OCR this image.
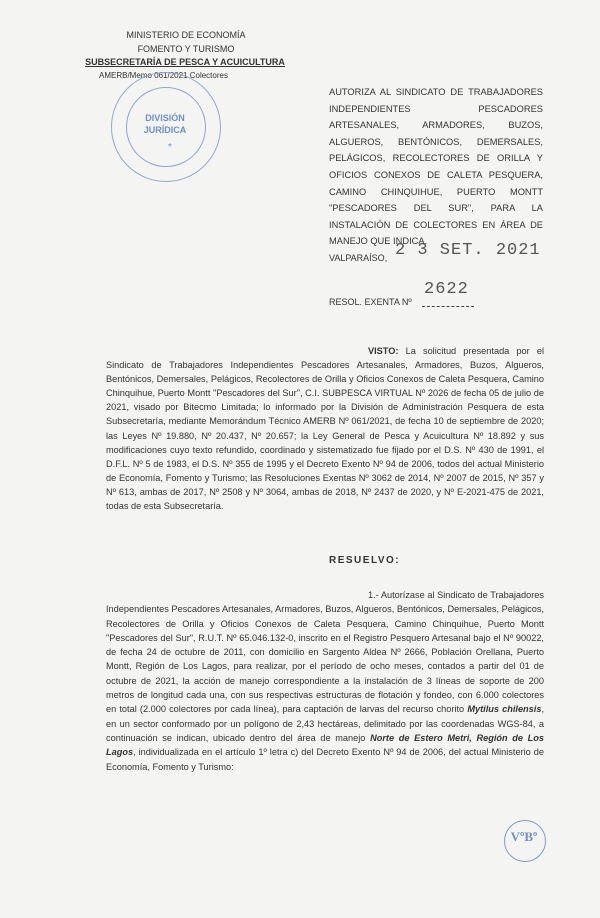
MINISTERIO DE ECONOMÍA
FOMENTO Y TURISMO
SUBSECRETARÍA DE PESCA Y ACUICULTURA
AMERB/Memo 061/2021 Colectores
DIVISIÓN
JURÍDICA
*
AUTORIZA AL SINDICATO DE TRABAJADORES INDEPENDIENTES PESCADORES ARTESANALES, ARMADORES, BUZOS, ALGUEROS, BENTÓNICOS, DEMERSALES, PELÁGICOS, RECOLECTORES DE ORILLA Y OFICIOS CONEXOS DE CALETA PESQUERA, CAMINO CHINQUIHUE, PUERTO MONTT "PESCADORES DEL SUR", PARA LA INSTALACIÓN DE COLECTORES EN ÁREA DE MANEJO QUE INDICA.
VALPARAÍSO, 2 3 SET. 2021
RESOL. EXENTA Nº
2622
VISTO: La solicitud presentada por el Sindicato de Trabajadores Independientes Pescadores Artesanales, Armadores, Buzos, Algueros, Bentónicos, Demersales, Pelágicos, Recolectores de Orilla y Oficios Conexos de Caleta Pesquera, Camino Chinquihue, Puerto Montt "Pescadores del Sur", C.I. SUBPESCA VIRTUAL Nº 2026 de fecha 05 de julio de 2021, visado por Bitecmo Limitada; lo informado por la División de Administración Pesquera de esta Subsecretaría, mediante Memorándum Técnico AMERB Nº 061/2021, de fecha 10 de septiembre de 2020; las Leyes Nº 19.880, Nº 20.437, Nº 20.657; la Ley General de Pesca y Acuicultura Nº 18.892 y sus modificaciones cuyo texto refundido, coordinado y sistematizado fue fijado por el D.S. Nº 430 de 1991, el D.F.L. Nº 5 de 1983, el D.S. Nº 355 de 1995 y el Decreto Exento Nº 94 de 2006, todos del actual Ministerio de Economía, Fomento y Turismo; las Resoluciones Exentas Nº 3062 de 2014, Nº 2007 de 2015, Nº 357 y Nº 613, ambas de 2017, Nº 2508 y Nº 3064, ambas de 2018, Nº 2437 de 2020, y Nº E-2021-475 de 2021, todas de esta Subsecretaría.
RESUELVO:
1.- Autorízase al Sindicato de Trabajadores Independientes Pescadores Artesanales, Armadores, Buzos, Algueros, Bentónicos, Demersales, Pelágicos, Recolectores de Orilla y Oficios Conexos de Caleta Pesquera, Camino Chinquihue, Puerto Montt "Pescadores del Sur", R.U.T. Nº 65.046.132-0, inscrito en el Registro Pesquero Artesanal bajo el Nº 90022, de fecha 24 de octubre de 2011, con domicilio en Sargento Aldea Nº 2666, Población Orellana, Puerto Montt, Región de Los Lagos, para realizar, por el período de ocho meses, contados a partir del 01 de octubre de 2021, la acción de manejo correspondiente a la instalación de 3 líneas de soporte de 200 metros de longitud cada una, con sus respectivas estructuras de flotación y fondeo, con 6.000 colectores en total (2.000 colectores por cada línea), para captación de larvas del recurso chorito Mytilus chilensis, en un sector conformado por un polígono de 2,43 hectáreas, delimitado por las coordenadas WGS-84, a continuación se indican, ubicado dentro del área de manejo Norte de Estero Metri, Región de Los Lagos, individualizada en el artículo 1º letra c) del Decreto Exento Nº 94 de 2006, del actual Ministerio de Economía, Fomento y Turismo:
VºBº
